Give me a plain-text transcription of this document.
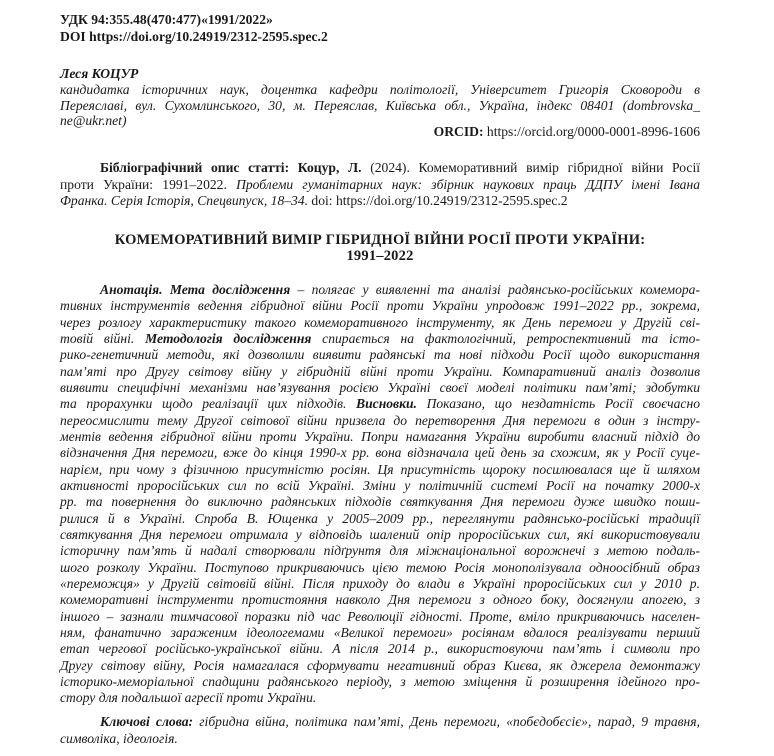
УДК 94:355.48(470:477)«1991/2022»
DOI https://doi.org/10.24919/2312-2595.spec.2
Леся КОЦУР
кандидатка історичних наук, доцентка кафедри політології, Університет Григорія Сковороди в
Переяславі, вул. Сухомлинського, 30, м. Переяслав, Київська обл., Україна, індекс 08401 (dombrovska_
ne@ukr.net)
ORCID: https://orcid.org/0000-0001-8996-1606
Бібліографічний опис статті: Коцур, Л. (2024). Комеморативний вимір гібридної війни Росії
проти України: 1991–2022. Проблеми гуманітарних наук: збірник наукових праць ДДПУ імені Івана
Франка. Серія Історія, Спецвипуск, 18–34. doi: https://doi.org/10.24919/2312-2595.spec.2
КОМЕМОРАТИВНИЙ ВИМІР ГІБРИДНОЇ ВІЙНИ РОСІЇ ПРОТИ УКРАЇНИ:
1991–2022
Анотація. Мета дослідження – полягає у виявленні та аналізі радянсько-російських комемора-
тивних інструментів ведення гібридної війни Росії проти України упродовж 1991–2022 рр., зокрема,
через розлогу характеристику такого комеморативного інструменту, як День перемоги у Другій сві-
товій війні. Методологія дослідження спирається на фактологічний, ретроспективний та істо-
рико-генетичний методи, які дозволили виявити радянські та нові підходи Росії щодо використання
пам’яті про Другу світову війну у гібридній війні проти України. Компаративний аналіз дозволив
виявити специфічні механізми нав’язування росією Україні своєї моделі політики пам’яті; здобутки
та прорахунки щодо реалізації цих підходів. Висновки. Показано, що нездатність Росії своєчасно
переосмислити тему Другої світової війни призвела до перетворення Дня перемоги в один з інстру-
ментів ведення гібридної війни проти України. Попри намагання України виробити власний підхід до
відзначення Дня перемоги, вже до кінця 1990-х рр. вона відзначала цей день за схожим, як у Росії суце-
нарієм, при чому з фізичною присутністю росіян. Ця присутність щороку посилювалася ще й шляхом
активності проросійських сил по всій Україні. Зміни у політичній системі Росії на початку 2000-х
рр. та повернення до виключно радянських підходів святкування Дня перемоги дуже швидко поши-
рилися й в Україні. Спроба В. Ющенка у 2005–2009 рр., переглянути радянсько-російські традиції
святкування Дня перемоги отримала у відповідь шалений опір проросійських сил, які використовували
історичну пам’ять й надалі створювали підґрунтя для міжнаціональної ворожнечі з метою подаль-
шого розколу України. Поступово прикриваючись цією темою Росія монополізувала одноосібний образ
«переможця» у Другій світовій війні. Після приходу до влади в Україні проросійських сил у 2010 р.
комеморативні інструменти протистояння навколо Дня перемоги з одного боку, досягнули апогею, з
іншого – зазнали тимчасової поразки під час Революції гідності. Проте, вміло прикриваючись населен-
ням, фанатично зараженим ідеологемами «Великої перемоги» росіянам вдалося реалізувати перший
етап чергової російсько-української війни. А після 2014 р., використовуючи пам’ять і символи про
Другу світову війну, Росія намагалася сформувати негативний образ Києва, як джерела демонтажу
історико-меморіальної спадщини радянського періоду, з метою зміщення й розширення ідейного про-
стору для подальшої агресії проти України.
Ключові слова: гібридна війна, політика пам’яті, День перемоги, «побєдобєсіє», парад, 9 травня,
символіка, ідеологія.
